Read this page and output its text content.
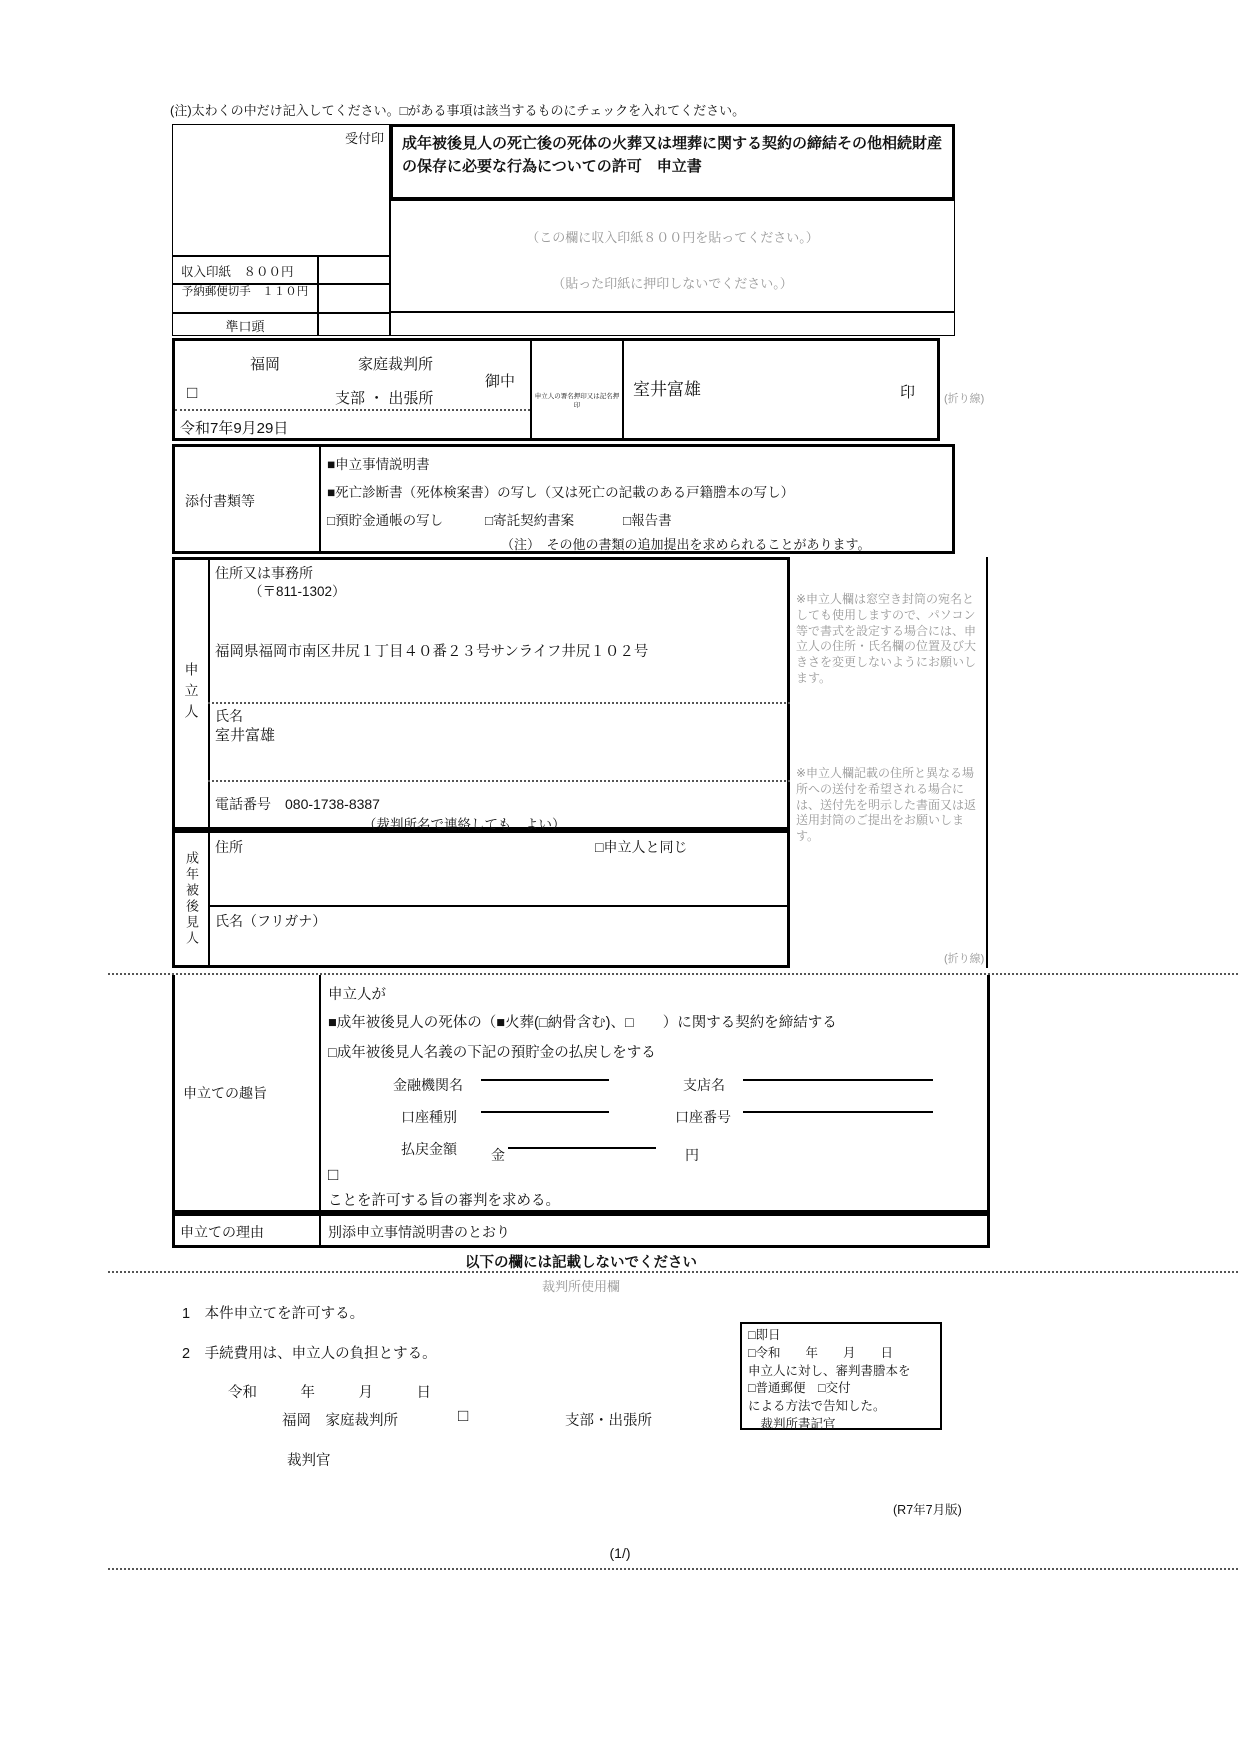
(注)太わくの中だけ記入してください。□がある事項は該当するものにチェックを入れてください。
受付印
収入印紙　８００円
予納郵便切手　１１０円
準口頭
成年被後見人の死亡後の死体の火葬又は埋葬に関する契約の締結その他相続財産の保存に必要な行為についての許可　申立書
（この欄に収入印紙８００円を貼ってください。）
（貼った印紙に押印しないでください。）
福岡	家庭裁判所
御中
□	支部 ・ 出張所
令和7年9月29日
申立人の署名押印又は記名押印
室井富雄	印	(折り線)
添付書類等
■申立事情説明書
■死亡診断書（死体検案書）の写し（又は死亡の記載のある戸籍謄本の写し）
□預貯金通帳の写し	□寄託契約書案	□報告書
（注）　その他の書類の追加提出を求められることがあります。
申立人
住所又は事務所
（〒811-1302）
福岡県福岡市南区井尻１丁目４０番２３号サンライフ井尻１０２号
氏名
室井富雄
電話番号　 080-1738-8387
（裁判所名で連絡しても　よい）
成年被後見人
住所	□申立人と同じ
氏名（フリガナ）
※申立人欄は窓空き封筒の宛名としても使用しますので、パソコン等で書式を設定する場合には、申立人の住所・氏名欄の位置及び大きさを変更しないようにお願いします。
※申立人欄記載の住所と異なる場所への送付を希望される場合には、送付先を明示した書面又は返送用封筒のご提出をお願いします。
(折り線)
申立ての趣旨
申立人が
■成年被後見人の死体の（■火葬(□納骨含む)、□　　）に関する契約を締結する
□成年被後見人名義の下記の預貯金の払戻しをする
金融機関名	支店名
口座種別	口座番号
払戻金額 金	円
□
ことを許可する旨の審判を求める。
申立ての理由	別添申立事情説明書のとおり
以下の欄には記載しないでください
裁判所使用欄
1　本件申立てを許可する。
2　手続費用は、申立人の負担とする。
令和　　　年　　　月　　　日
福岡　家庭裁判所	□	支部・出張所
裁判官
□即日
□令和　　年　　月　　日
申立人に対し、審判書謄本を
□普通郵便　□交付
による方法で告知した。
　裁判所書記官
(R7年7月版)
(1/)
